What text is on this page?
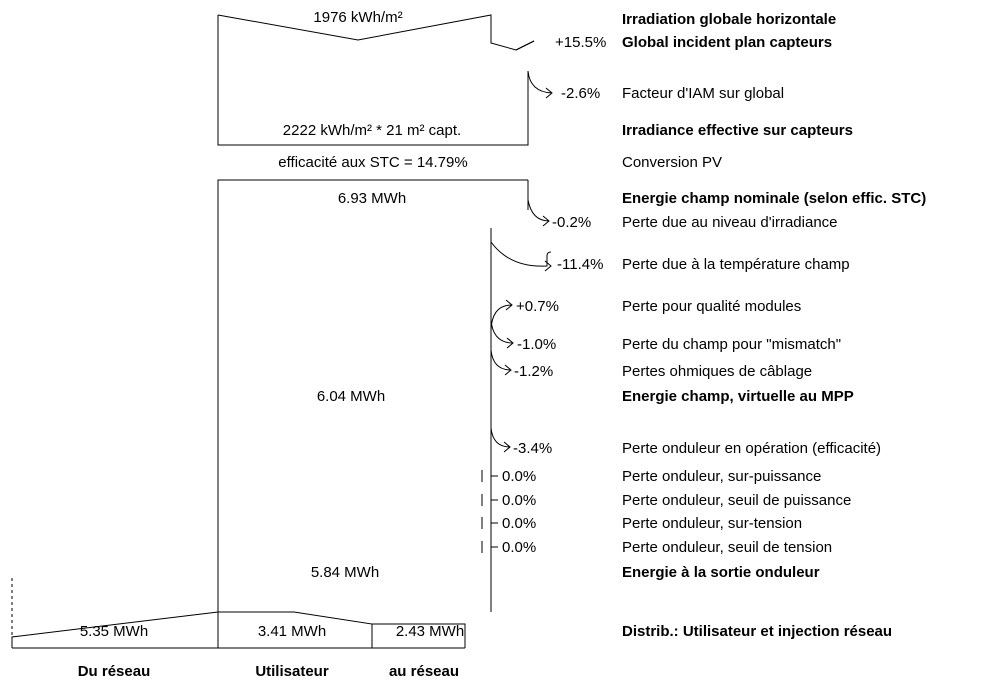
1976 kWh/m²
2222 kWh/m² * 21 m² capt.
efficacité aux STC = 14.79%
6.93 MWh
6.04 MWh
5.84 MWh
5.35 MWh	3.41 MWh	2.43 MWh
Du réseau	Utilisateur	au réseau
+15.5%
-2.6%
-0.2%
-11.4%
+0.7%
-1.0%
-1.2%
-3.4%
0.0%
0.0%
0.0%
0.0%
Irradiation globale horizontale
Global incident plan capteurs
Facteur d'IAM sur global
Irradiance effective sur capteurs
Conversion PV
Energie champ nominale (selon effic. STC)
Perte due au niveau d'irradiance
Perte due à la température champ
Perte pour qualité modules
Perte du champ pour "mismatch"
Pertes ohmiques de câblage
Energie champ, virtuelle au MPP
Perte onduleur en opération (efficacité)
Perte onduleur, sur-puissance
Perte onduleur, seuil de puissance
Perte onduleur, sur-tension
Perte onduleur, seuil de tension
Energie à la sortie onduleur
Distrib.: Utilisateur et injection réseau
